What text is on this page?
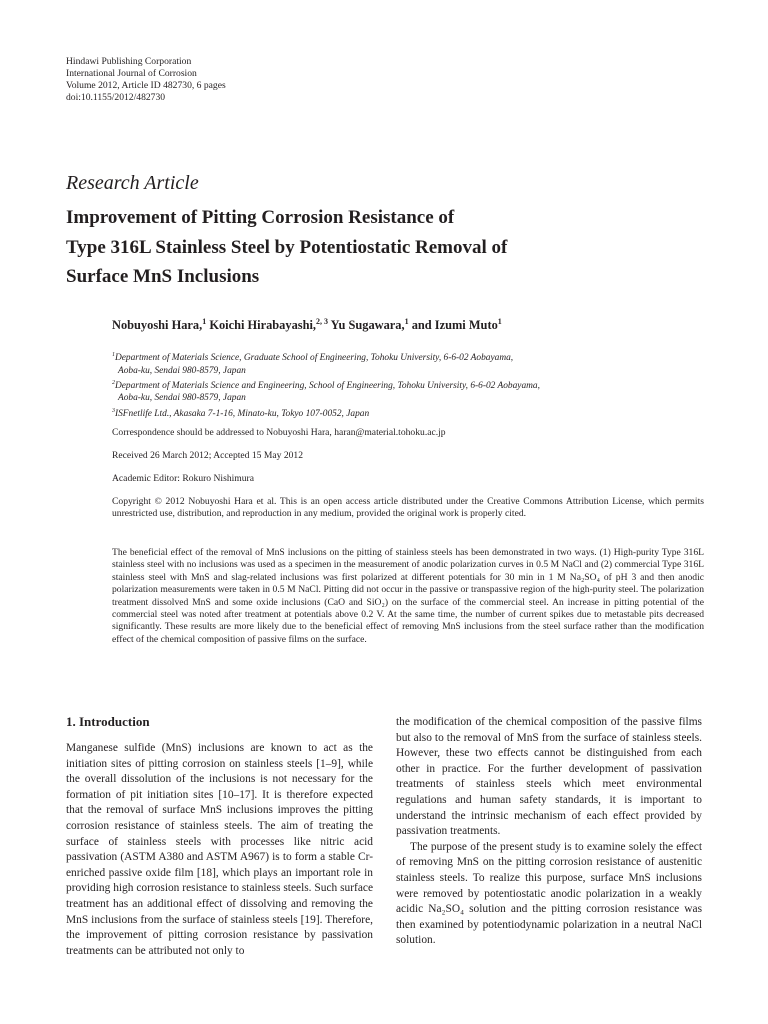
Hindawi Publishing Corporation
International Journal of Corrosion
Volume 2012, Article ID 482730, 6 pages
doi:10.1155/2012/482730
Research Article
Improvement of Pitting Corrosion Resistance of
Type 316L Stainless Steel by Potentiostatic Removal of
Surface MnS Inclusions
Nobuyoshi Hara,$^1$ Koichi Hirabayashi,$^{2, 3}$ Yu Sugawara,$^1$ and Izumi Muto$^1$
$^1$Department of Materials Science, Graduate School of Engineering, Tohoku University, 6-6-02 Aobayama,
Aoba-ku, Sendai 980-8579, Japan
$^2$Department of Materials Science and Engineering, School of Engineering, Tohoku University, 6-6-02 Aobayama,
Aoba-ku, Sendai 980-8579, Japan
$^3$ISFnetlife Ltd., Akasaka 7-1-16, Minato-ku, Tokyo 107-0052, Japan
Correspondence should be addressed to Nobuyoshi Hara, haran@material.tohoku.ac.jp
Received 26 March 2012; Accepted 15 May 2012
Academic Editor: Rokuro Nishimura
Copyright © 2012 Nobuyoshi Hara et al. This is an open access article distributed under the Creative Commons Attribution License, which permits unrestricted use, distribution, and reproduction in any medium, provided the original work is properly cited.
The beneficial effect of the removal of MnS inclusions on the pitting of stainless steels has been demonstrated in two ways. (1) High-purity Type 316L stainless steel with no inclusions was used as a specimen in the measurement of anodic polarization curves in 0.5 M NaCl and (2) commercial Type 316L stainless steel with MnS and slag-related inclusions was first polarized at different potentials for 30 min in 1 M Na₂SO₄ of pH 3 and then anodic polarization measurements were taken in 0.5 M NaCl. Pitting did not occur in the passive or transpassive region of the high-purity steel. The polarization treatment dissolved MnS and some oxide inclusions (CaO and SiO₂) on the surface of the commercial steel. An increase in pitting potential of the commercial steel was noted after treatment at potentials above 0.2 V. At the same time, the number of current spikes due to metastable pits decreased significantly. These results are more likely due to the beneficial effect of removing MnS inclusions from the steel surface rather than the modification effect of the chemical composition of passive films on the surface.
1. Introduction

Manganese sulfide (MnS) inclusions are known to act as the initiation sites of pitting corrosion on stainless steels [1–9], while the overall dissolution of the inclusions is not necessary for the formation of pit initiation sites [10–17]. It is therefore expected that the removal of surface MnS inclusions improves the pitting corrosion resistance of stainless steels. The aim of treating the surface of stainless steels with processes like nitric acid passivation (ASTM A380 and ASTM A967) is to form a stable Cr-enriched passive oxide film [18], which plays an important role in providing high corrosion resistance to stainless steels. Such surface treatment has an additional effect of dissolving and removing the MnS inclusions from the surface of stainless steels [19]. Therefore, the improvement of pitting corrosion resistance by passivation treatments can be attributed not only to

the modification of the chemical composition of the passive films but also to the removal of MnS from the surface of stainless steels. However, these two effects cannot be distinguished from each other in practice. For the further development of passivation treatments of stainless steels which meet environmental regulations and human safety standards, it is important to understand the intrinsic mechanism of each effect provided by passivation treatments.

The purpose of the present study is to examine solely the effect of removing MnS on the pitting corrosion resistance of austenitic stainless steels. To realize this purpose, surface MnS inclusions were removed by potentiostatic anodic polarization in a weakly acidic Na₂SO₄ solution and the pitting corrosion resistance was then examined by potentiodynamic polarization in a neutral NaCl solution.
